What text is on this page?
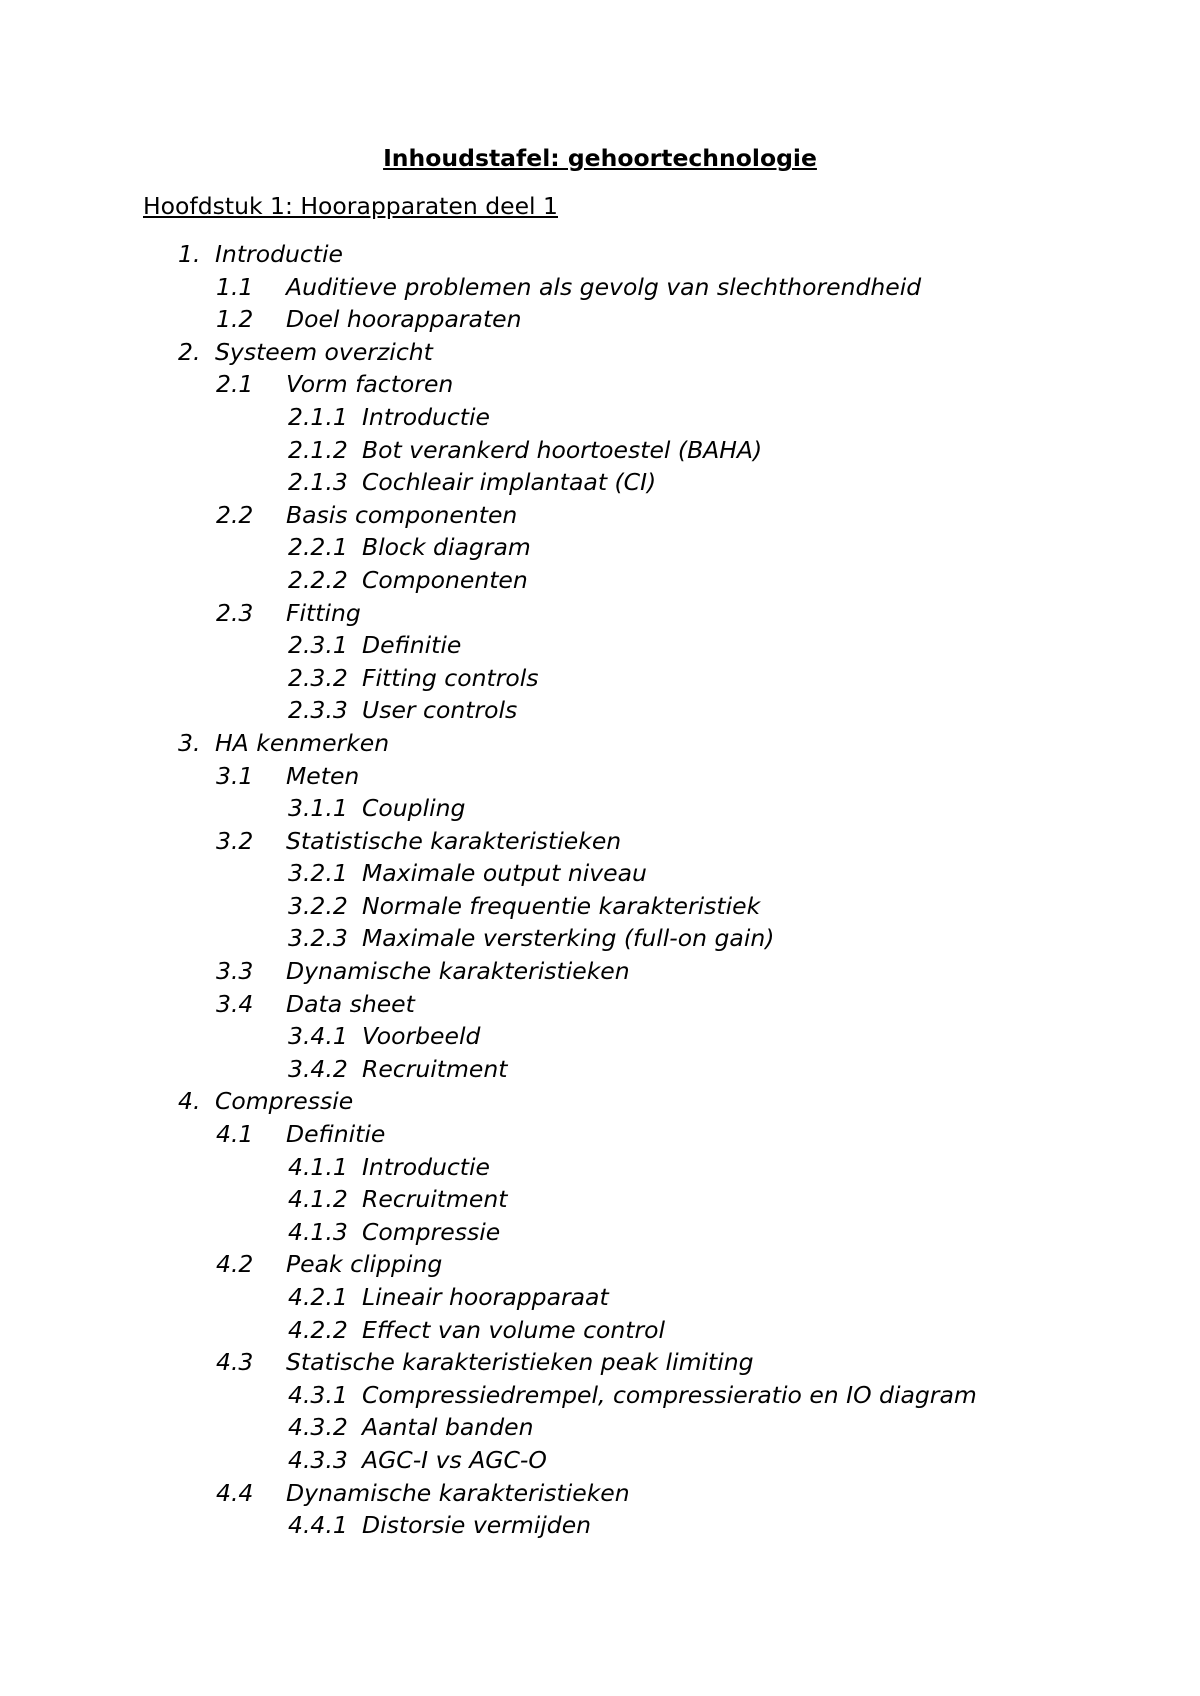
Inhoudstafel: gehoortechnologie
Hoofdstuk 1: Hoorapparaten deel 1
1. Introductie
1.1 Auditieve problemen als gevolg van slechthorendheid
1.2 Doel hoorapparaten
2. Systeem overzicht
2.1 Vorm factoren
2.1.1 Introductie
2.1.2 Bot verankerd hoortoestel (BAHA)
2.1.3 Cochleair implantaat (CI)
2.2 Basis componenten
2.2.1 Block diagram
2.2.2 Componenten
2.3 Fitting
2.3.1 Definitie
2.3.2 Fitting controls
2.3.3 User controls
3. HA kenmerken
3.1 Meten
3.1.1 Coupling
3.2 Statistische karakteristieken
3.2.1 Maximale output niveau
3.2.2 Normale frequentie karakteristiek
3.2.3 Maximale versterking (full-on gain)
3.3 Dynamische karakteristieken
3.4 Data sheet
3.4.1 Voorbeeld
3.4.2 Recruitment
4. Compressie
4.1 Definitie
4.1.1 Introductie
4.1.2 Recruitment
4.1.3 Compressie
4.2 Peak clipping
4.2.1 Lineair hoorapparaat
4.2.2 Effect van volume control
4.3 Statische karakteristieken peak limiting
4.3.1 Compressiedrempel, compressieratio en IO diagram
4.3.2 Aantal banden
4.3.3 AGC-I vs AGC-O
4.4 Dynamische karakteristieken
4.4.1 Distorsie vermijden
